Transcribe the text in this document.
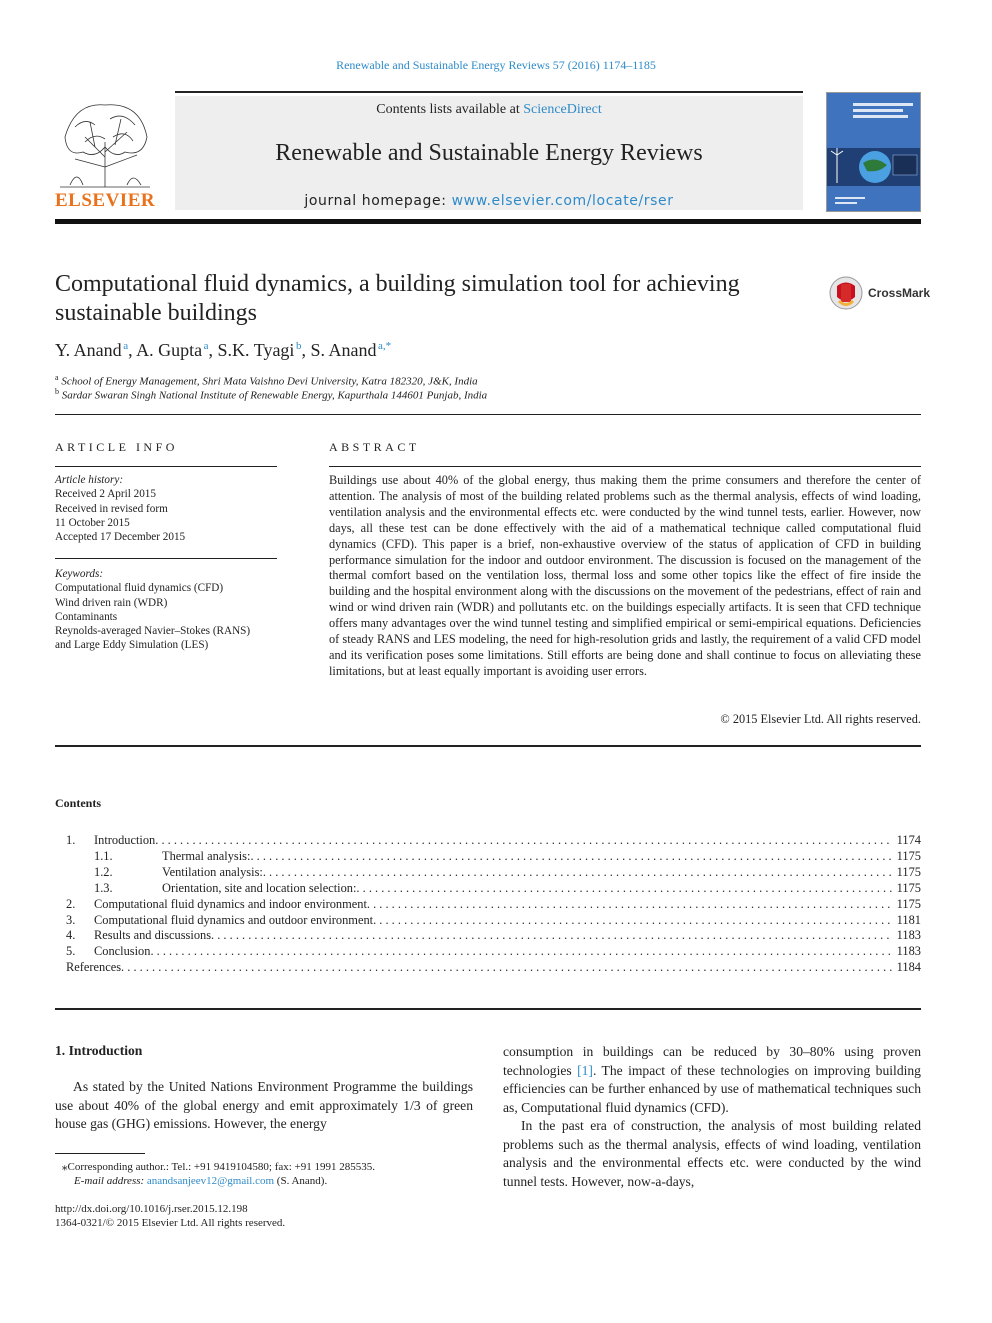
Renewable and Sustainable Energy Reviews 57 (2016) 1174–1185
ELSEVIER
Contents lists available at ScienceDirect
Renewable and Sustainable Energy Reviews
journal homepage: www.elsevier.com/locate/rser
Computational fluid dynamics, a building simulation tool for achieving sustainable buildings
CrossMark
Y. Anand  $^a$, A. Gupta  $^a$, S.K. Tyagi  $^b$, S. Anand  $^{a,*}$
$^a$ School of Energy Management, Shri Mata Vaishno Devi University, Katra 182320, J&K, India
$^b$ Sardar Swaran Singh National Institute of Renewable Energy, Kapurthala 144601 Punjab, India
ARTICLE INFO
Article history:
Received 2 April 2015
Received in revised form
11 October 2015
Accepted 17 December 2015
Keywords:
Computational fluid dynamics (CFD)
Wind driven rain (WDR)
Contaminants
Reynolds-averaged Navier–Stokes (RANS)
and Large Eddy Simulation (LES)
ABSTRACT
Buildings use about 40% of the global energy, thus making them the prime consumers and therefore the center of attention. The analysis of most of the building related problems such as the thermal analysis, effects of wind loading, ventilation analysis and the environmental effects etc. were conducted by the wind tunnel tests, earlier. However, now days, all these test can be done effectively with the aid of a mathematical technique called computational fluid dynamics (CFD). This paper is a brief, non-exhaustive overview of the status of application of CFD in building performance simulation for the indoor and outdoor environment. The discussion is focused on the management of the thermal comfort based on the ventilation loss, thermal loss and some other topics like the effect of fire inside the building and the hospital environment along with the discussions on the movement of the pedestrians, effect of rain and wind or wind driven rain (WDR) and pollutants etc. on the buildings especially artifacts. It is seen that CFD technique offers many advantages over the wind tunnel testing and simplified empirical or semi-empirical equations. Deficiencies of steady RANS and LES modeling, the need for high-resolution grids and lastly, the requirement of a valid CFD model and its verification poses some limitations. Still efforts are being done and shall continue to focus on alleviating these limitations, but at least equally important is avoiding user errors.
© 2015 Elsevier Ltd. All rights reserved.
Contents
1.	Introduction . . .	1174
1.1.	Thermal analysis: . . .	1175
1.2.	Ventilation analysis: . . .	1175
1.3.	Orientation, site and location selection: . . .	1175
2.	Computational fluid dynamics and indoor environment . . .	1175
3.	Computational fluid dynamics and outdoor environment . . .	1181
4.	Results and discussions . . .	1183
5.	Conclusion . . .	1183
References . . .	1184
1. Introduction
As stated by the United Nations Environment Programme the buildings use about 40% of the global energy and emit approximately 1/3 of green house gas (GHG) emissions. However, the energy
consumption in buildings can be reduced by 30–80% using proven technologies [1]. The impact of these technologies on improving building efficiencies can be further enhanced by use of mathematical techniques such as, Computational fluid dynamics (CFD).
In the past era of construction, the analysis of most building related problems such as the thermal analysis, effects of wind loading, ventilation analysis and the environmental effects etc. were conducted by the wind tunnel tests. However, now-a-days,
⁎Corresponding author.: Tel.: +91 9419104580; fax: +91 1991 285535.
E-mail address: anandsanjeev12@gmail.com (S. Anand).
http://dx.doi.org/10.1016/j.rser.2015.12.198
1364-0321/© 2015 Elsevier Ltd. All rights reserved.
